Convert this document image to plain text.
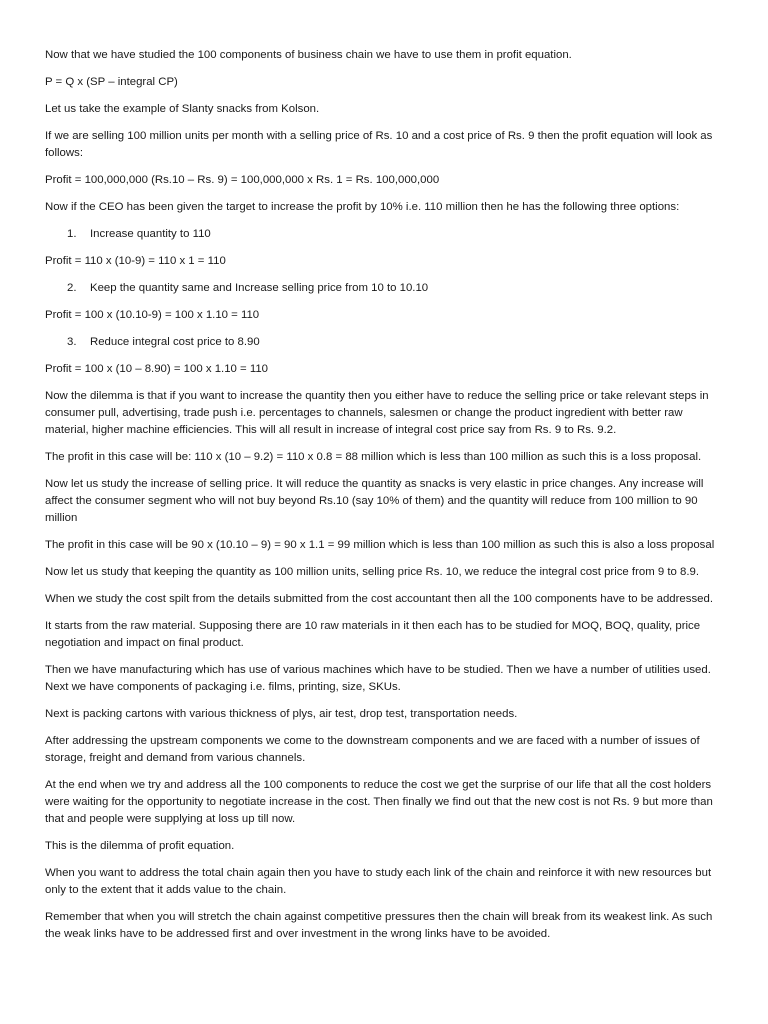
Now that we have studied the 100 components of business chain we have to use them in profit equation.

P = Q x (SP – integral CP)

Let us take the example of Slanty snacks from Kolson.

If we are selling 100 million units per month with a selling price of Rs. 10 and a cost price of Rs. 9 then the profit equation will look as follows:

Profit = 100,000,000 (Rs.10 – Rs. 9) = 100,000,000 x Rs. 1 = Rs. 100,000,000

Now if the CEO has been given the target to increase the profit by 10% i.e. 110 million then he has the following three options:

1.	Increase quantity to 110

Profit = 110 x (10-9) = 110 x 1 = 110

2.	Keep the quantity same and Increase selling price from 10 to 10.10

Profit = 100 x (10.10-9) = 100 x 1.10 = 110

3.	Reduce integral cost price to 8.90

Profit = 100 x (10 – 8.90) = 100 x 1.10 = 110

Now the dilemma is that if you want to increase the quantity then you either have to reduce the selling price or take relevant steps in consumer pull, advertising, trade push i.e. percentages to channels, salesmen or change the product ingredient with better raw material, higher machine efficiencies. This will all result in increase of integral cost price say from Rs. 9 to Rs. 9.2.

The profit in this case will be: 110 x (10 – 9.2) = 110 x 0.8 = 88 million which is less than 100 million as such this is a loss proposal.

Now let us study the increase of selling price. It will reduce the quantity as snacks is very elastic in price changes. Any increase will affect the consumer segment who will not buy beyond Rs.10 (say 10% of them) and the quantity will reduce from 100 million to 90 million

The profit in this case will be 90 x (10.10 – 9) = 90 x 1.1 = 99 million which is less than 100 million as such this is also a loss proposal

Now let us study that keeping the quantity as 100 million units, selling price Rs. 10, we reduce the integral cost price from 9 to 8.9.

When we study the cost spilt from the details submitted from the cost accountant then all the 100 components have to be addressed.

It starts from the raw material. Supposing there are 10 raw materials in it then each has to be studied for MOQ, BOQ, quality, price negotiation and impact on final product.

Then we have manufacturing which has use of various machines which have to be studied. Then we have a number of utilities used. Next we have components of packaging i.e. films, printing, size, SKUs.

Next is packing cartons with various thickness of plys, air test, drop test, transportation needs.

After addressing the upstream components we come to the downstream components and we are faced with a number of issues of storage, freight and demand from various channels.

At the end when we try and address all the 100 components to reduce the cost we get the surprise of our life that all the cost holders were waiting for the opportunity to negotiate increase in the cost. Then finally we find out that the new cost is not Rs. 9 but more than that and people were supplying at loss up till now.

This is the dilemma of profit equation.

When you want to address the total chain again then you have to study each link of the chain and reinforce it with new resources but only to the extent that it adds value to the chain.

Remember that when you will stretch the chain against competitive pressures then the chain will break from its weakest link. As such the weak links have to be addressed first and over investment in the wrong links have to be avoided.
